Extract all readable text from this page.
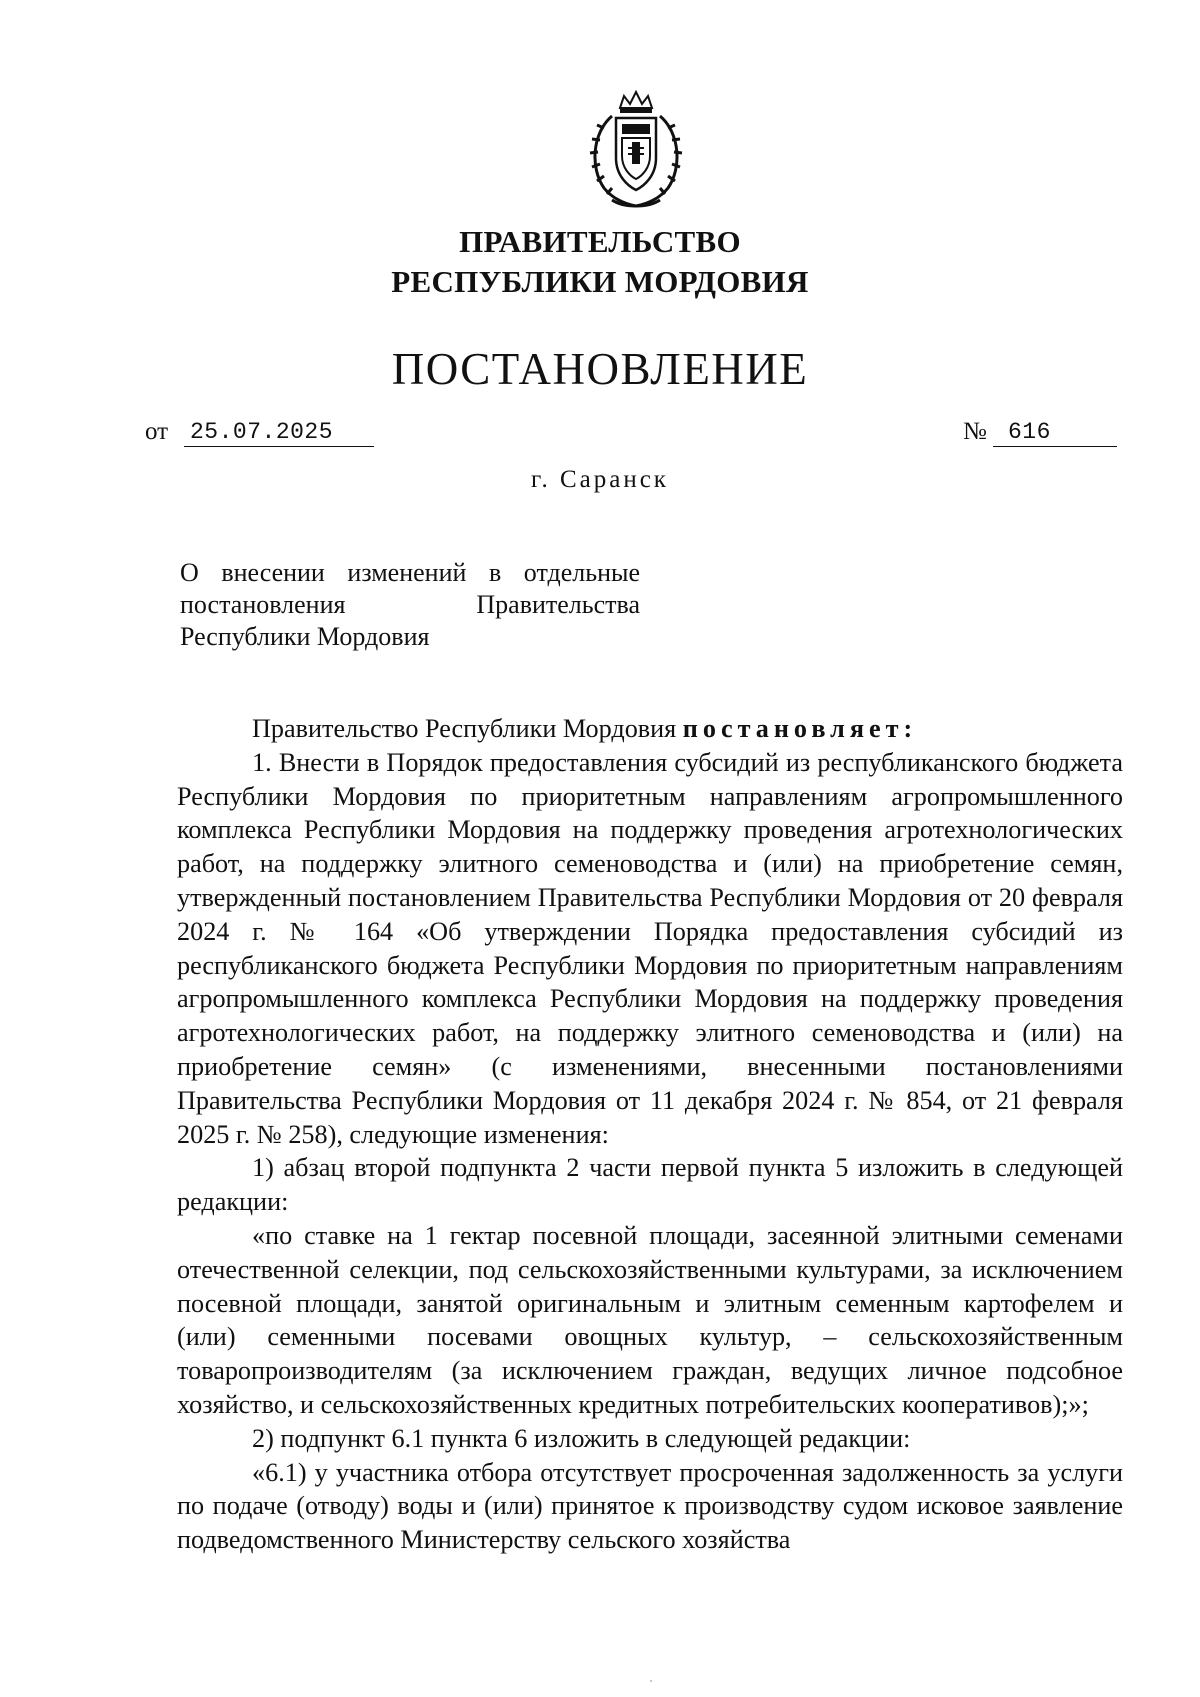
ПРАВИТЕЛЬСТВО
РЕСПУБЛИКИ МОРДОВИЯ
ПОСТАНОВЛЕНИЕ
от 25.07.2025	№ 616
г. Саранск
О внесении изменений в отдельные
постановления Правительства
Республики Мордовия

Правительство Республики Мордовия постановляет:

1. Внести в Порядок предоставления субсидий из республиканского бюджета Республики Мордовия по приоритетным направлениям агропромышленного комплекса Республики Мордовия на поддержку проведения агротехнологических работ, на поддержку элитного семеноводства и (или) на приобретение семян, утвержденный постановлением Правительства Республики Мордовия от 20 февраля 2024 г. № 164 «Об утверждении Порядка предоставления субсидий из республиканского бюджета Республики Мордовия по приоритетным направлениям агропромышленного комплекса Республики Мордовия на поддержку проведения агротехнологических работ, на поддержку элитного семеноводства и (или) на приобретение семян» (с изменениями, внесенными постановлениями Правительства Республики Мордовия от 11 декабря 2024 г. № 854, от 21 февраля 2025 г. № 258), следующие изменения:

1) абзац второй подпункта 2 части первой пункта 5 изложить в следующей редакции:

«по ставке на 1 гектар посевной площади, засеянной элитными семенами отечественной селекции, под сельскохозяйственными культурами, за исключением посевной площади, занятой оригинальным и элитным семенным картофелем и (или) семенными посевами овощных культур, – сельскохозяйственным товаропроизводителям (за исключением граждан, ведущих личное подсобное хозяйство, и сельскохозяйственных кредитных потребительских кооперативов);»;

2) подпункт 6.1 пункта 6 изложить в следующей редакции:

«6.1) у участника отбора отсутствует просроченная задолженность за услуги по подаче (отводу) воды и (или) принятое к производству судом исковое заявление подведомственного Министерству сельского хозяйства
